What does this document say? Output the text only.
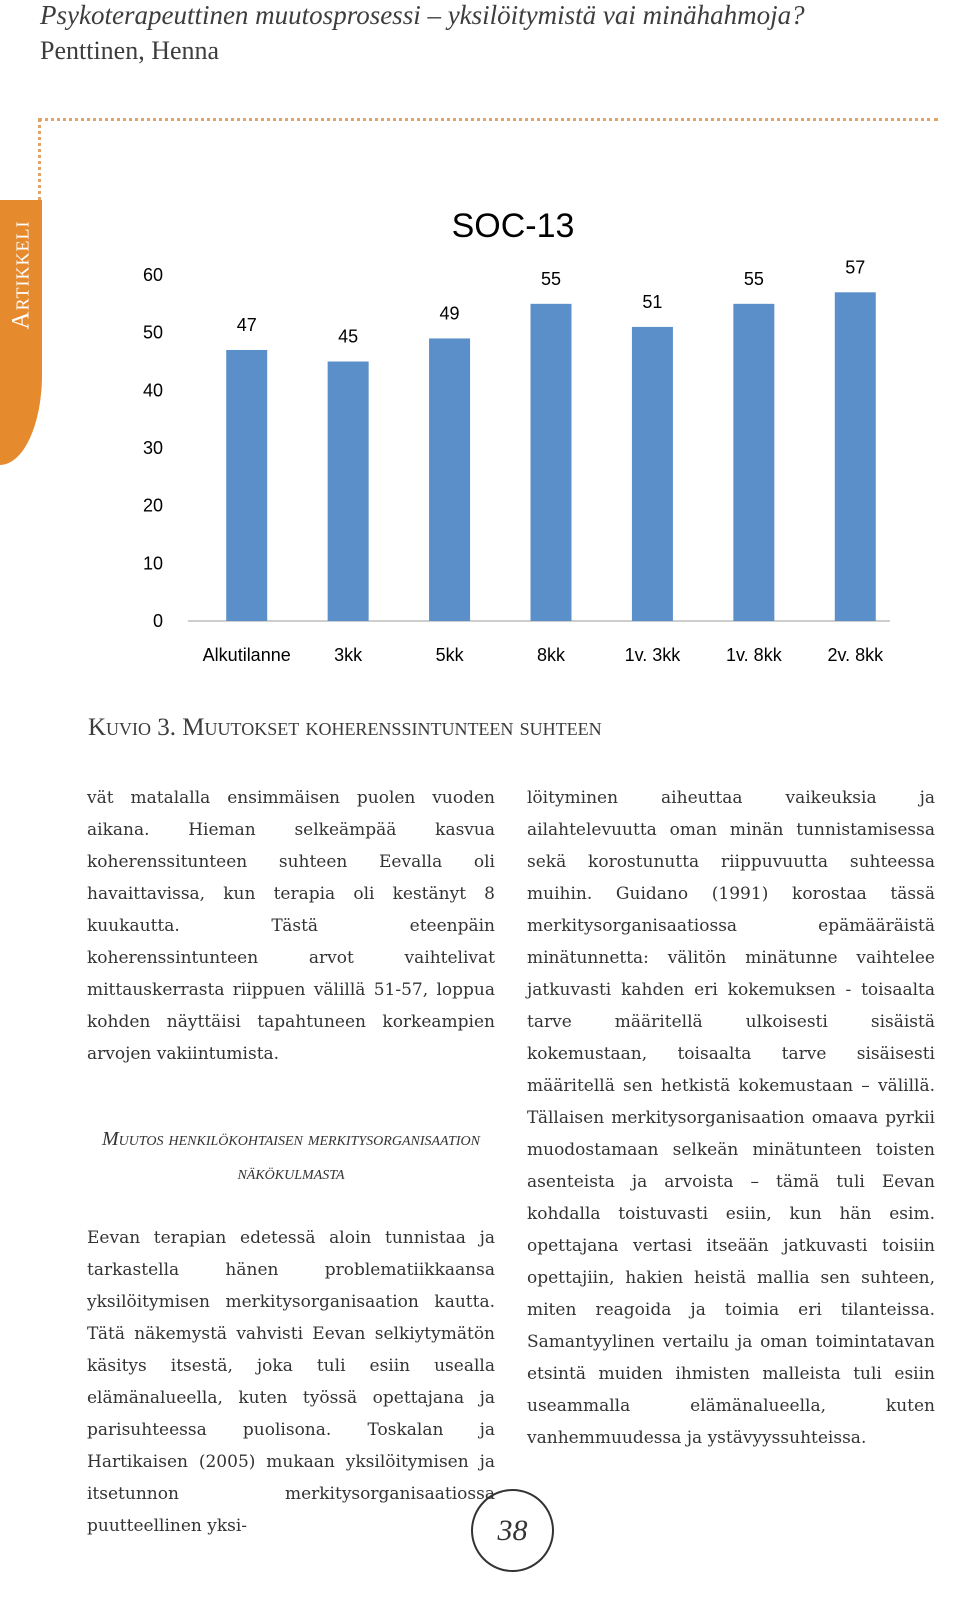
Psykoterapeuttinen muutosprosessi – yksilöitymistä vai minähahmoja?
Penttinen, Henna
Artikkeli	SOC-13
0
10
20
30
40
50
60
47
45
49
55
51
55
57
Alkutilanne 3kk	5kk	8kk	1v. 3kk	1v. 8kk	2v. 8kk
Kuvio 3. Muutokset koherenssintunteen suhteen

vät matalalla ensimmäisen puolen vuoden aikana. Hieman selkeämpää kasvua koherenssitunteen suhteen Eevalla oli havaittavissa, kun terapia oli kestänyt 8 kuukautta. Tästä eteenpäin koherenssintunteen arvot vaihtelivat mittauskerrasta riippuen välillä 51-57, loppua kohden näyttäisi tapahtuneen korkeampien arvojen vakiintumista.

Muutos henkilökohtaisen merkitysorganisaation näkökulmasta

Eevan terapian edetessä aloin tunnistaa ja tarkastella hänen problematiikkaansa yksilöitymisen merkitysorganisaation kautta. Tätä näkemystä vahvisti Eevan selkiytymätön käsitys itsestä, joka tuli esiin usealla elämänalueella, kuten työssä opettajana ja parisuhteessa puolisona. Toskalan ja Hartikaisen (2005) mukaan yksilöitymisen ja itsetunnon merkitysorganisaatiossa puutteellinen yksi-

löityminen aiheuttaa vaikeuksia ja ailahtelevuutta oman minän tunnistamisessa sekä korostunutta riippuvuutta suhteessa muihin. Guidano (1991) korostaa tässä merkitysorganisaatiossa epämääräistä minätunnetta: välitön minätunne vaihtelee jatkuvasti kahden eri kokemuksen - toisaalta tarve määritellä ulkoisesti sisäistä kokemustaan, toisaalta tarve sisäisesti määritellä sen hetkistä kokemustaan – välillä. Tällaisen merkitysorganisaation omaava pyrkii muodostamaan selkeän minätunteen toisten asenteista ja arvoista – tämä tuli Eevan kohdalla toistuvasti esiin, kun hän esim. opettajana vertasi itseään jatkuvasti toisiin opettajiin, hakien heistä mallia sen suhteen, miten reagoida ja toimia eri tilanteissa. Samantyylinen vertailu ja oman toimintatavan etsintä muiden ihmisten malleista tuli esiin useammalla elämänalueella, kuten vanhemmuudessa ja ystävyyssuhteissa.

38
